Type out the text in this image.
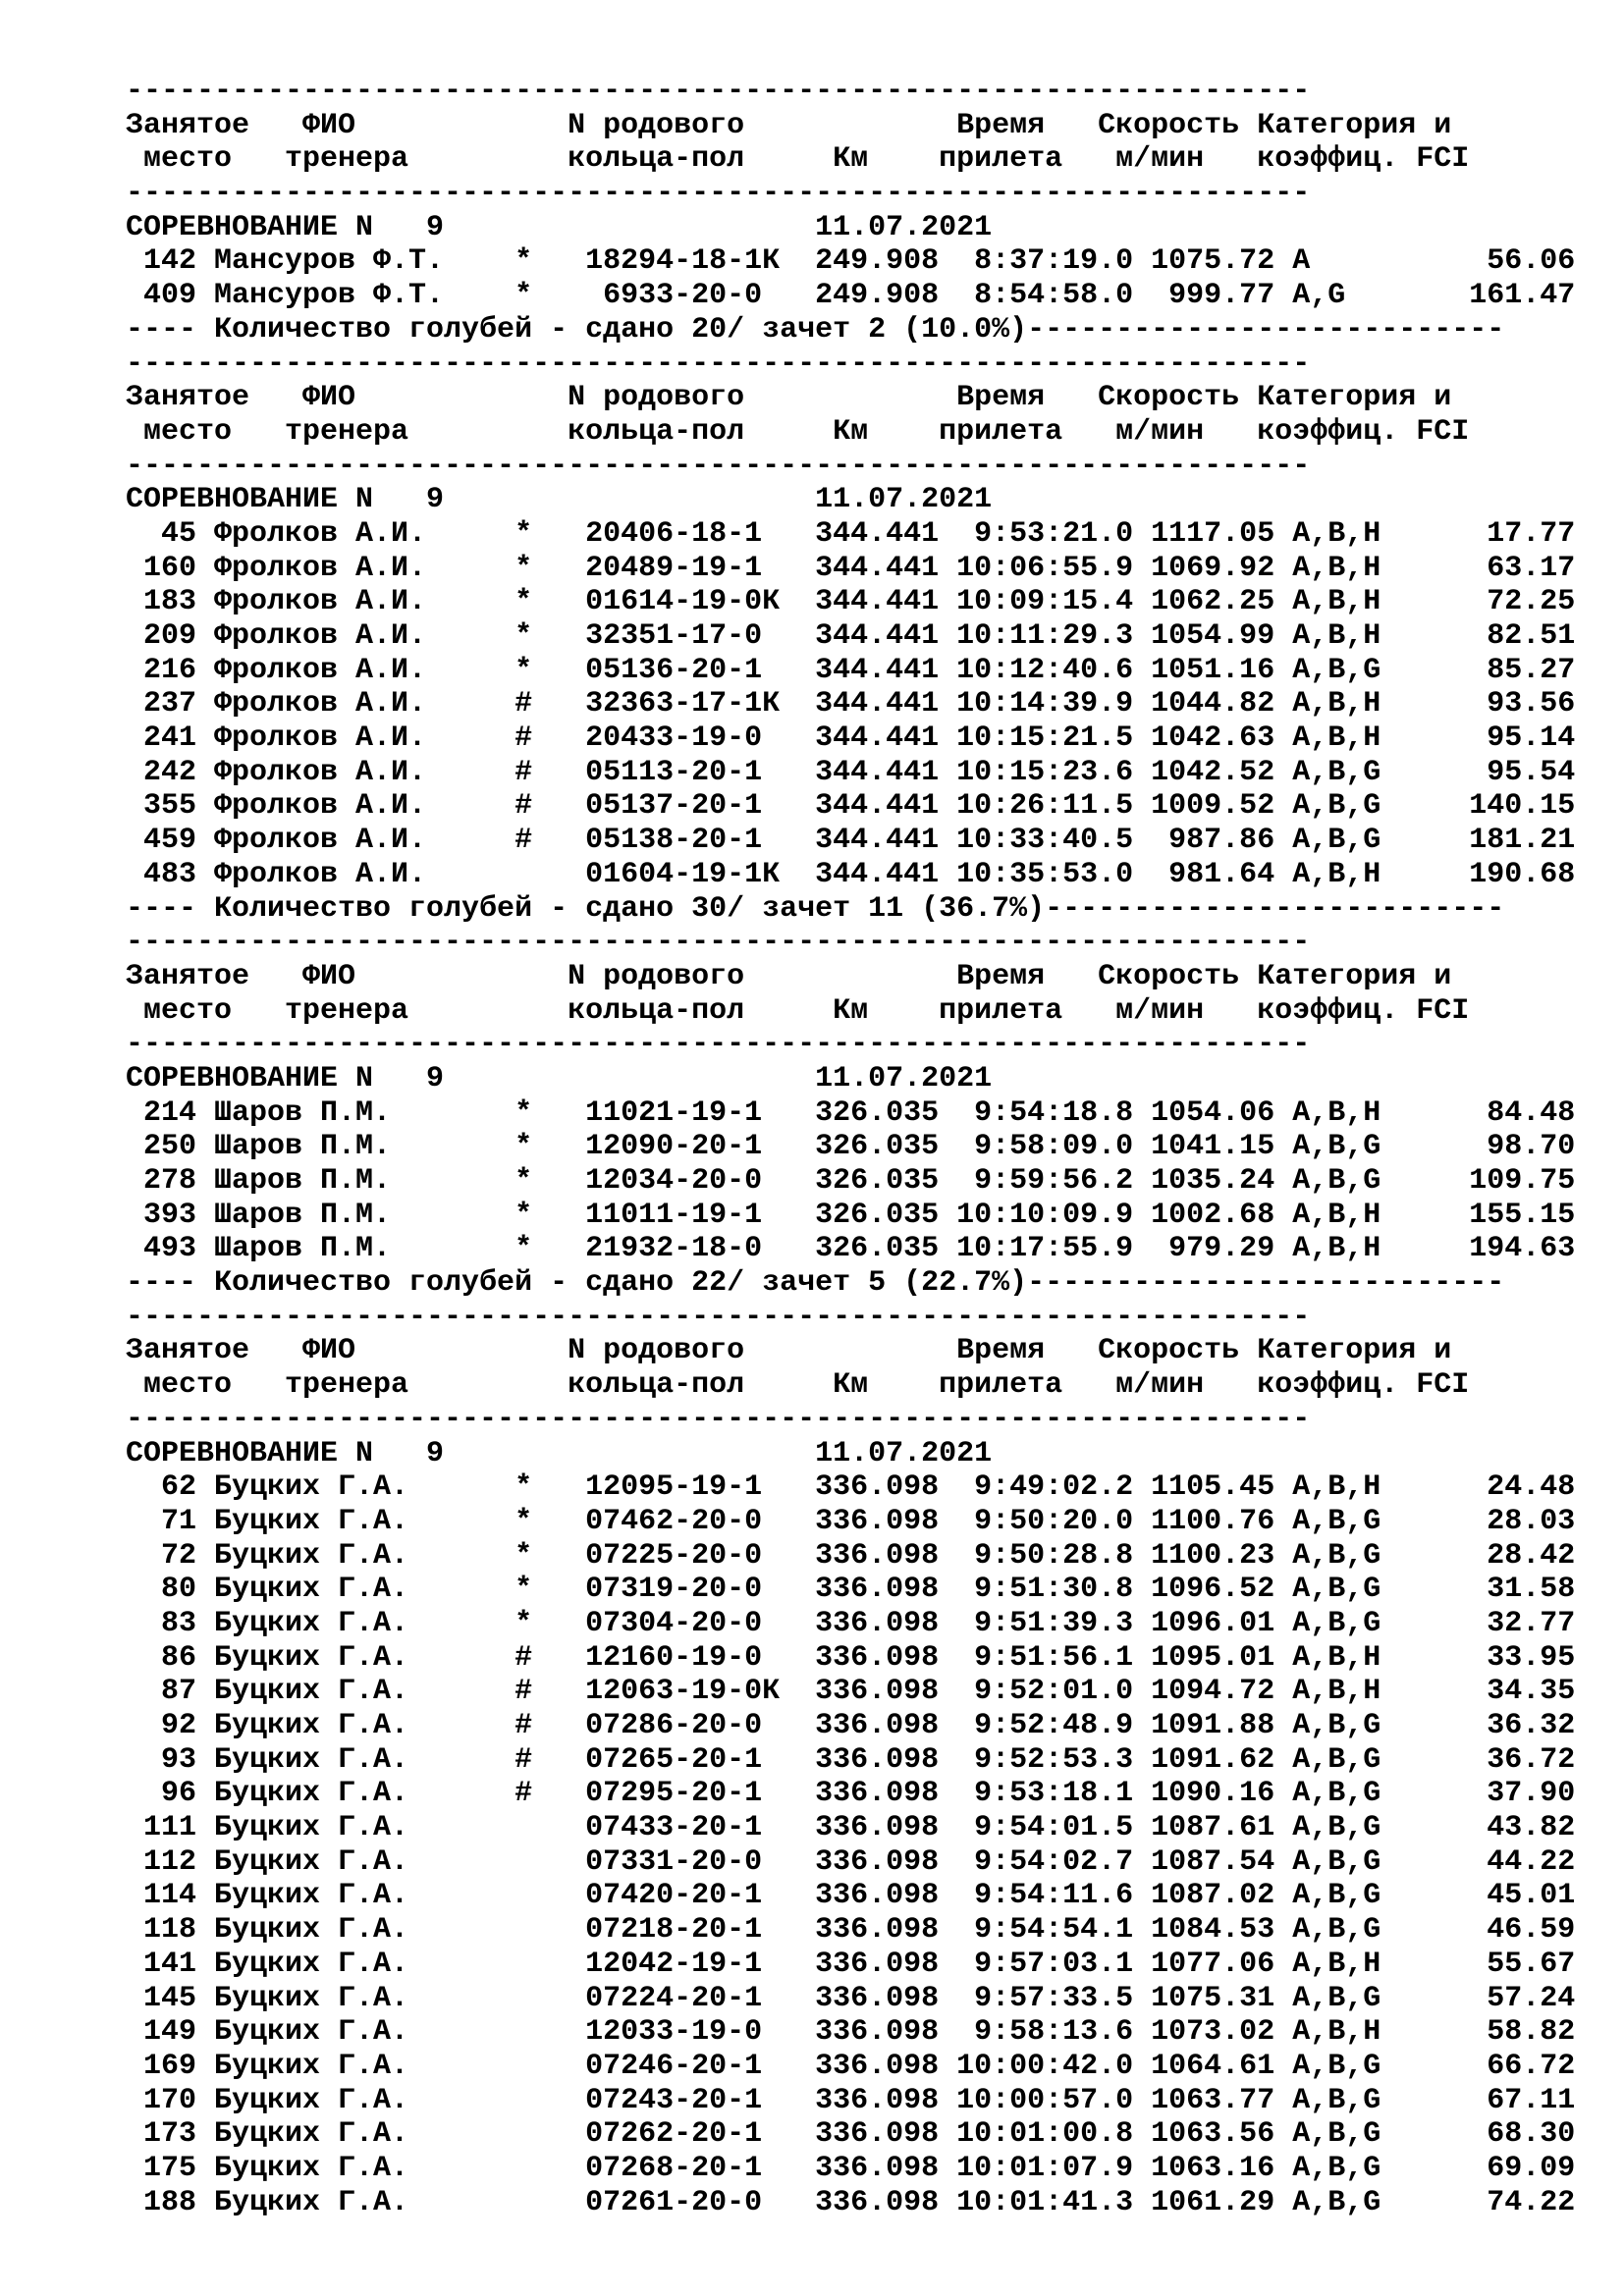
-------------------------------------------------------------------
Занятое   ФИО            N родового            Время   Скорость Категория и
место   тренера         кольца-пол     Км    прилета   м/мин   коэффиц. FCI
-------------------------------------------------------------------
СОРЕВНОВАНИЕ N   9                     11.07.2021
142 Мансуров Ф.Т.    *   18294-18-1К  249.908  8:37:19.0 1075.72 A          56.06
409 Мансуров Ф.Т.    *    6933-20-0   249.908  8:54:58.0  999.77 A,G       161.47
---- Количество голубей - сдано 20/ зачет 2 (10.0%)---------------------------
-------------------------------------------------------------------
Занятое   ФИО            N родового            Время   Скорость Категория и
место   тренера         кольца-пол     Км    прилета   м/мин   коэффиц. FCI
-------------------------------------------------------------------
СОРЕВНОВАНИЕ N   9                     11.07.2021
45 Фролков А.И.     *   20406-18-1   344.441  9:53:21.0 1117.05 A,B,H      17.77
160 Фролков А.И.     *   20489-19-1   344.441 10:06:55.9 1069.92 A,B,H      63.17
183 Фролков А.И.     *   01614-19-0К  344.441 10:09:15.4 1062.25 A,B,H      72.25
209 Фролков А.И.     *   32351-17-0   344.441 10:11:29.3 1054.99 A,B,H      82.51
216 Фролков А.И.     *   05136-20-1   344.441 10:12:40.6 1051.16 A,B,G      85.27
237 Фролков А.И.     #   32363-17-1К  344.441 10:14:39.9 1044.82 A,B,H      93.56
241 Фролков А.И.     #   20433-19-0   344.441 10:15:21.5 1042.63 A,B,H      95.14
242 Фролков А.И.     #   05113-20-1   344.441 10:15:23.6 1042.52 A,B,G      95.54
355 Фролков А.И.     #   05137-20-1   344.441 10:26:11.5 1009.52 A,B,G     140.15
459 Фролков А.И.     #   05138-20-1   344.441 10:33:40.5  987.86 A,B,G     181.21
483 Фролков А.И.         01604-19-1К  344.441 10:35:53.0  981.64 A,B,H     190.68
---- Количество голубей - сдано 30/ зачет 11 (36.7%)--------------------------
-------------------------------------------------------------------
Занятое   ФИО            N родового            Время   Скорость Категория и
место   тренера         кольца-пол     Км    прилета   м/мин   коэффиц. FCI
-------------------------------------------------------------------
СОРЕВНОВАНИЕ N   9                     11.07.2021
214 Шаров П.М.       *   11021-19-1   326.035  9:54:18.8 1054.06 A,B,H      84.48
250 Шаров П.М.       *   12090-20-1   326.035  9:58:09.0 1041.15 A,B,G      98.70
278 Шаров П.М.       *   12034-20-0   326.035  9:59:56.2 1035.24 A,B,G     109.75
393 Шаров П.М.       *   11011-19-1   326.035 10:10:09.9 1002.68 A,B,H     155.15
493 Шаров П.М.       *   21932-18-0   326.035 10:17:55.9  979.29 A,B,H     194.63
---- Количество голубей - сдано 22/ зачет 5 (22.7%)---------------------------
-------------------------------------------------------------------
Занятое   ФИО            N родового            Время   Скорость Категория и
место   тренера         кольца-пол     Км    прилета   м/мин   коэффиц. FCI
-------------------------------------------------------------------
СОРЕВНОВАНИЕ N   9                     11.07.2021
62 Буцких Г.А.      *   12095-19-1   336.098  9:49:02.2 1105.45 A,B,H      24.48
71 Буцких Г.А.      *   07462-20-0   336.098  9:50:20.0 1100.76 A,B,G      28.03
72 Буцких Г.А.      *   07225-20-0   336.098  9:50:28.8 1100.23 A,B,G      28.42
80 Буцких Г.А.      *   07319-20-0   336.098  9:51:30.8 1096.52 A,B,G      31.58
83 Буцких Г.А.      *   07304-20-0   336.098  9:51:39.3 1096.01 A,B,G      32.77
86 Буцких Г.А.      #   12160-19-0   336.098  9:51:56.1 1095.01 A,B,H      33.95
87 Буцких Г.А.      #   12063-19-0К  336.098  9:52:01.0 1094.72 A,B,H      34.35
92 Буцких Г.А.      #   07286-20-0   336.098  9:52:48.9 1091.88 A,B,G      36.32
93 Буцких Г.А.      #   07265-20-1   336.098  9:52:53.3 1091.62 A,B,G      36.72
96 Буцких Г.А.      #   07295-20-1   336.098  9:53:18.1 1090.16 A,B,G      37.90
111 Буцких Г.А.          07433-20-1   336.098  9:54:01.5 1087.61 A,B,G      43.82
112 Буцких Г.А.          07331-20-0   336.098  9:54:02.7 1087.54 A,B,G      44.22
114 Буцких Г.А.          07420-20-1   336.098  9:54:11.6 1087.02 A,B,G      45.01
118 Буцких Г.А.          07218-20-1   336.098  9:54:54.1 1084.53 A,B,G      46.59
141 Буцких Г.А.          12042-19-1   336.098  9:57:03.1 1077.06 A,B,H      55.67
145 Буцких Г.А.          07224-20-1   336.098  9:57:33.5 1075.31 A,B,G      57.24
149 Буцких Г.А.          12033-19-0   336.098  9:58:13.6 1073.02 A,B,H      58.82
169 Буцких Г.А.          07246-20-1   336.098 10:00:42.0 1064.61 A,B,G      66.72
170 Буцких Г.А.          07243-20-1   336.098 10:00:57.0 1063.77 A,B,G      67.11
173 Буцких Г.А.          07262-20-1   336.098 10:01:00.8 1063.56 A,B,G      68.30
175 Буцких Г.А.          07268-20-1   336.098 10:01:07.9 1063.16 A,B,G      69.09
188 Буцких Г.А.          07261-20-0   336.098 10:01:41.3 1061.29 A,B,G      74.22
